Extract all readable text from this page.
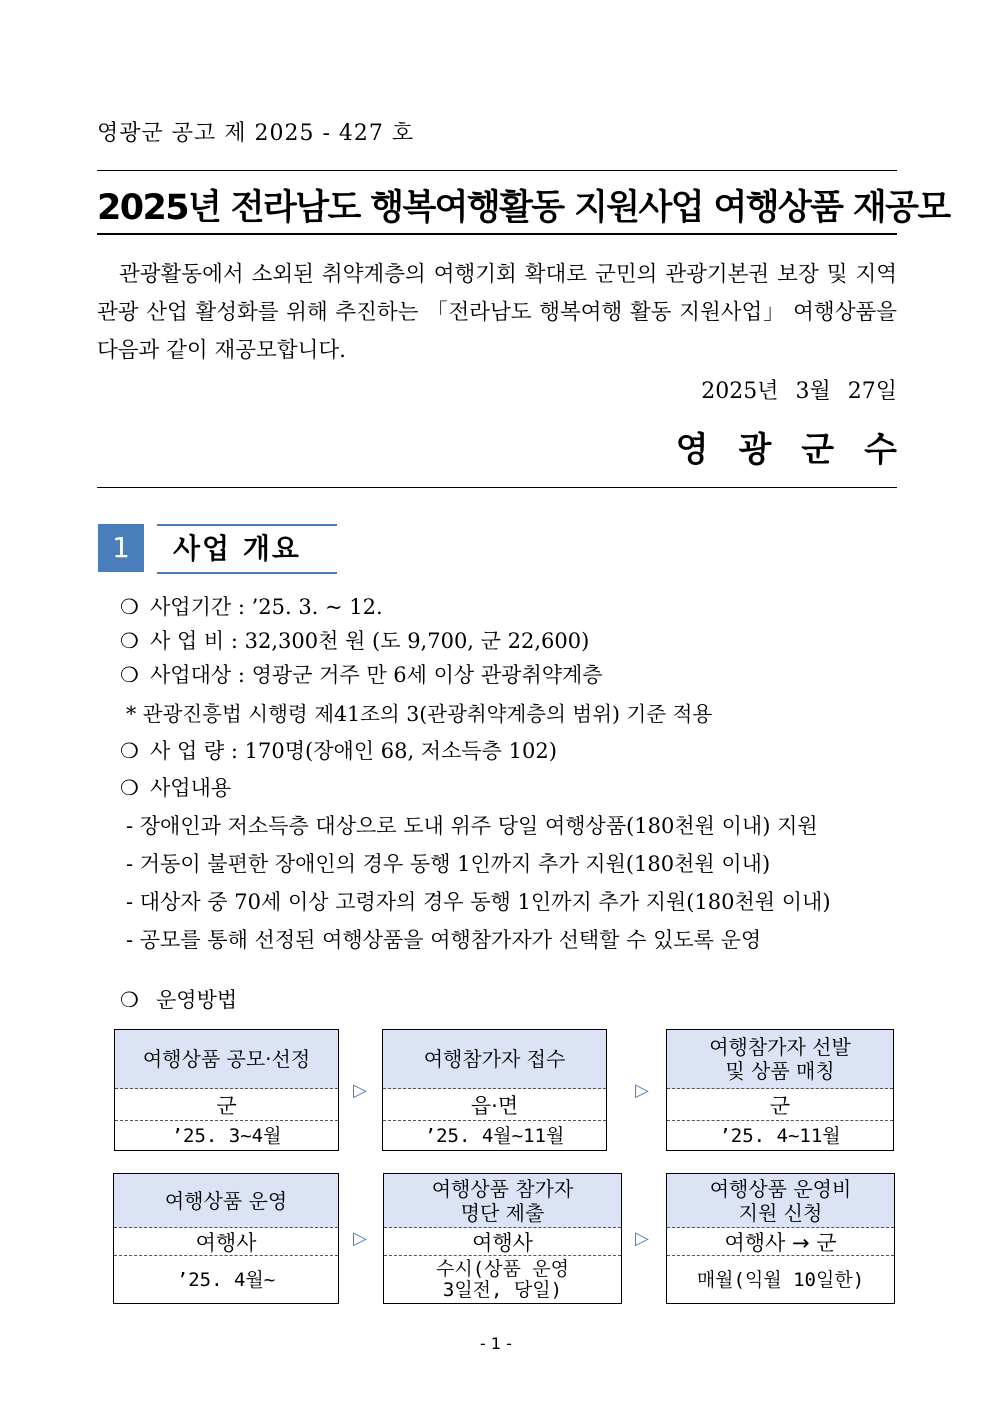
영광군 공고 제 2025 - 427 호
2025년 전라남도 행복여행활동 지원사업 여행상품 재공모
관광활동에서 소외된 취약계층의 여행기회 확대로 군민의 관광기본권 보장 및 지역관광 산업 활성화를 위해 추진하는 「전라남도 행복여행 활동 지원사업」 여행상품을 다음과 같이 재공모합니다.
2025년 3월 27일
영광군수
1	사업 개요
❍ 사업기간 : ’25. 3. ~ 12.
❍ 사 업 비 : 32,300천 원 (도 9,700, 군 22,600)
❍ 사업대상 : 영광군 거주 만 6세 이상 관광취약계층
* 관광진흥법 시행령 제41조의 3(관광취약계층의 범위) 기준 적용
❍ 사 업 량 : 170명(장애인 68, 저소득층 102)
❍ 사업내용
- 장애인과 저소득층 대상으로 도내 위주 당일 여행상품(180천원 이내) 지원
- 거동이 불편한 장애인의 경우 동행 1인까지 추가 지원(180천원 이내)
- 대상자 중 70세 이상 고령자의 경우 동행 1인까지 추가 지원(180천원 이내)
- 공모를 통해 선정된 여행상품을 여행참가자가 선택할 수 있도록 운영
❍ 운영방법
여행상품 공모·선정
군
’25. 3~4월
▷
여행참가자 접수
읍·면
’25. 4월~11월
▷
여행참가자 선발
및 상품 매칭
군
’25. 4~11월
여행상품 운영
여행사
’25. 4월~
▷
여행상품 참가자
명단 제출
여행사
수시(상품 운영
3일전, 당일)
▷
여행상품 운영비
지원 신청
여행사 → 군
매월(익월 10일한)
- 1 -
